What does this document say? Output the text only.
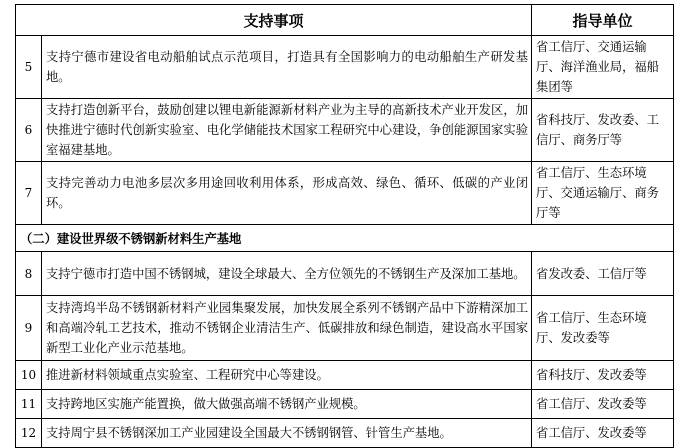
支持事项		指导单位
5	支持宁德市建设省电动船舶试点示范项目，打造具有全国影响力的电动船舶生产研发基地。	省工信厅、交通运输厅、海洋渔业局，福船集团等
6	支持打造创新平台，鼓励创建以锂电新能源新材料产业为主导的高新技术产业开发区，加快推进宁德时代创新实验室、电化学储能技术国家工程研究中心建设，争创能源国家实验室福建基地。	省科技厅、发改委、工信厅、商务厅等
7	支持完善动力电池多层次多用途回收利用体系，形成高效、绿色、循环、低碳的产业闭环。	省工信厅、生态环境厅、交通运输厅、商务厅等
（二）建设世界级不锈钢新材料生产基地		
8	支持宁德市打造中国不锈钢城，建设全球最大、全方位领先的不锈钢生产及深加工基地。	省发改委、工信厅等
9	支持湾坞半岛不锈钢新材料产业园集聚发展，加快发展全系列不锈钢产品中下游精深加工和高端冷轧工艺技术，推动不锈钢企业清洁生产、低碳排放和绿色制造，建设高水平国家新型工业化产业示范基地。	省工信厅、生态环境厅、发改委等
10	推进新材料领域重点实验室、工程研究中心等建设。	省科技厅、发改委等
11	支持跨地区实施产能置换，做大做强高端不锈钢产业规模。	省工信厅、发改委等
12	支持周宁县不锈钢深加工产业园建设全国最大不锈钢钢管、针管生产基地。	省工信厅、发改委等
